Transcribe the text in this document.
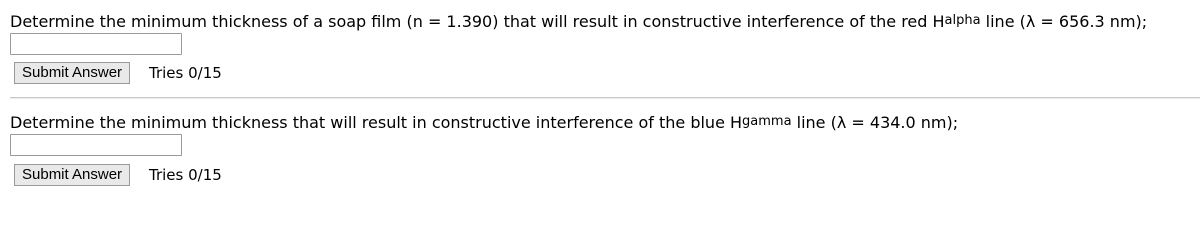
Determine the minimum thickness of a soap film (n = 1.390) that will result in constructive interference of the red $H^{alpha}$ line (λ = 656.3 nm);
Submit Answer	Tries 0/15
Determine the minimum thickness that will result in constructive interference of the blue $H^{gamma}$ line (λ = 434.0 nm);
Submit Answer	Tries 0/15
